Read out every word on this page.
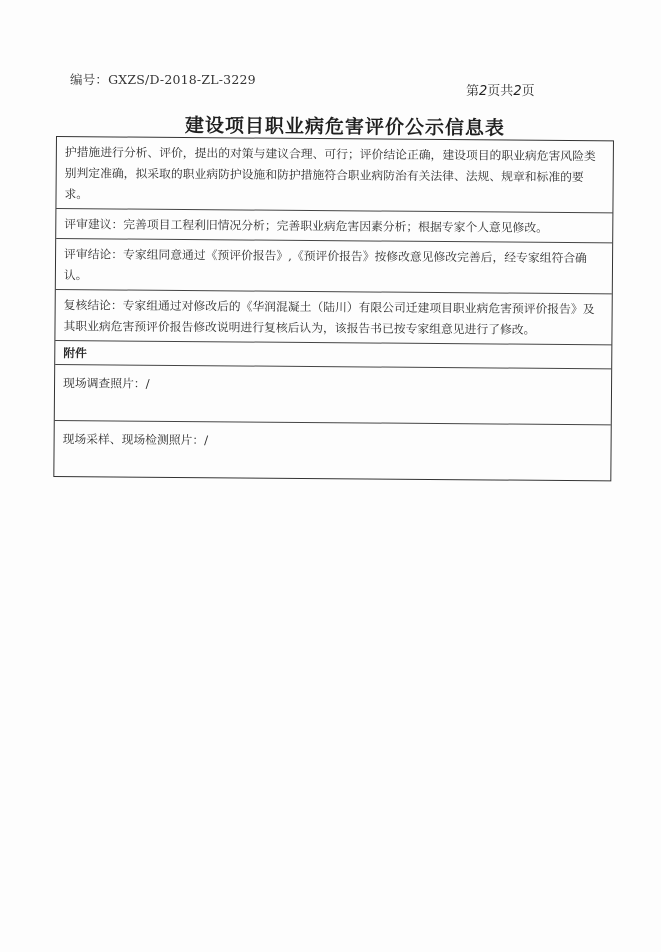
编号：GXZS/D-2018-ZL-3229
第2页共2页
建设项目职业病危害评价公示信息表
护措施进行分析、评价，提出的对策与建议合理、可行；评价结论正确，建设项目的职业病危害风险类别判定准确，拟采取的职业病防护设施和防护措施符合职业病防治有关法律、法规、规章和标准的要求。
评审建议：完善项目工程利旧情况分析；完善职业病危害因素分析；根据专家个人意见修改。
评审结论：专家组同意通过《预评价报告》,《预评价报告》按修改意见修改完善后，经专家组符合确认。
复核结论：专家组通过对修改后的《华润混凝土（陆川）有限公司迁建项目职业病危害预评价报告》及其职业病危害预评价报告修改说明进行复核后认为，该报告书已按专家组意见进行了修改。
附件
现场调查照片：/
现场采样、现场检测照片：/
